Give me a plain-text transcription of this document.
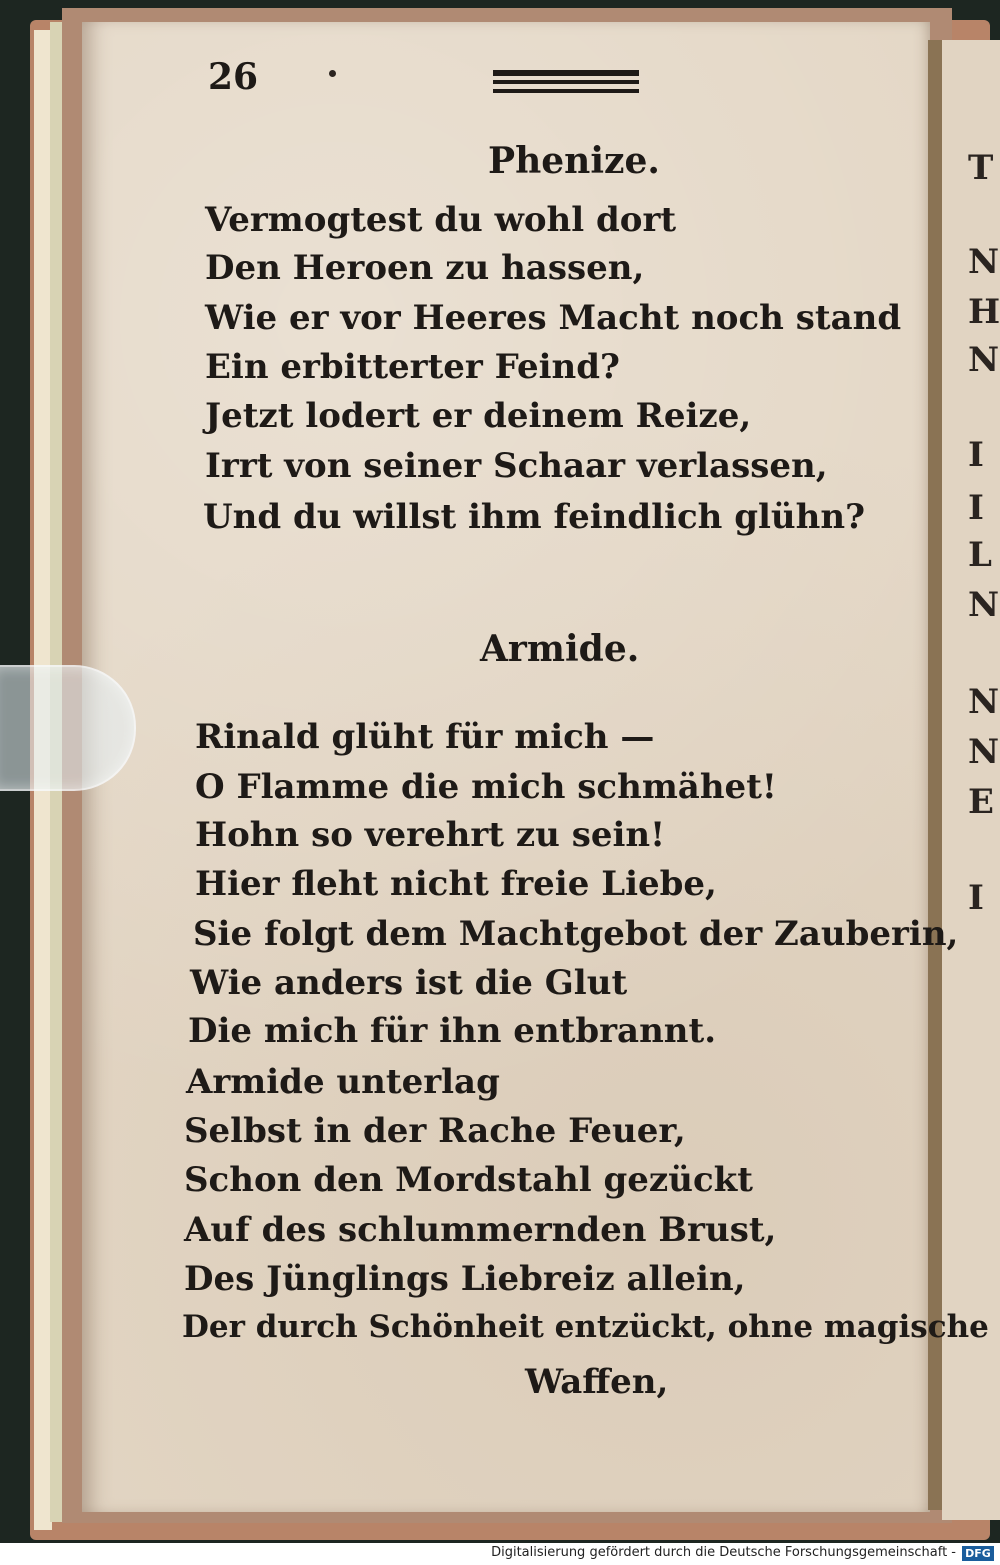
T
N
H
N
I
I
L
N
N
N
E
I
26
Phenize.
Vermogtest du wohl dort
Den Heroen zu hassen,
Wie er vor Heeres Macht noch stand
Ein erbitterter Feind?
Jetzt lodert er deinem Reize,
Irrt von seiner Schaar verlassen,
Und du willst ihm feindlich glühn?
Armide.
Rinald glüht für mich —
O Flamme die mich schmähet!
Hohn so verehrt zu sein!
Hier fleht nicht freie Liebe,
Sie folgt dem Machtgebot der Zauberin,
Wie anders ist die Glut
Die mich für ihn entbrannt.
Armide unterlag
Selbst in der Rache Feuer,
Schon den Mordstahl gezückt
Auf des schlummernden Brust,
Des Jünglings Liebreiz allein,
Der durch Schönheit entzückt, ohne magische
Waffen,
Digitalisierung gefördert durch die Deutsche Forschungsgemeinschaft - DFG
